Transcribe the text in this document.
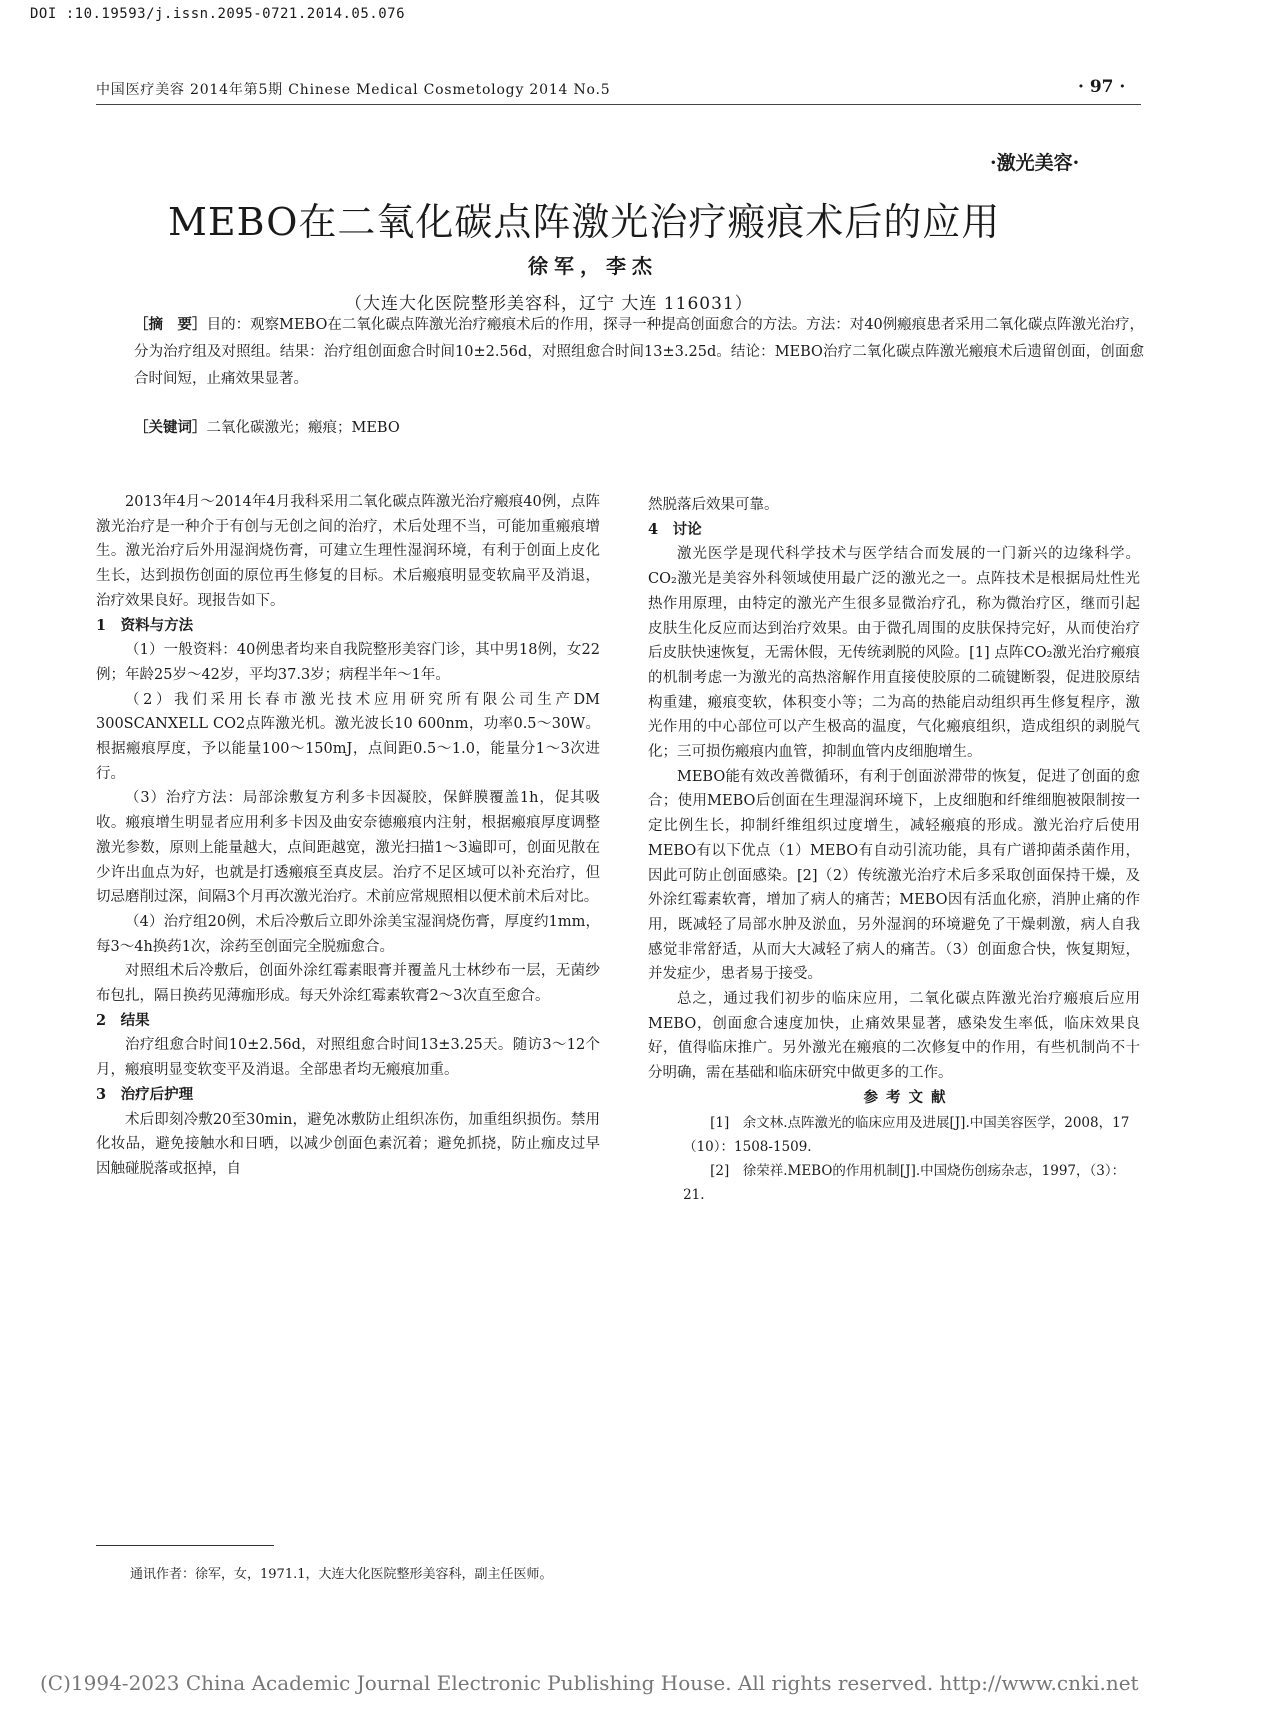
DOI :10.19593/j.issn.2095-0721.2014.05.076
中国医疗美容 2014年第5期 Chinese Medical Cosmetology 2014 No.5	· 97 ·
·激光美容·
MEBO在二氧化碳点阵激光治疗瘢痕术后的应用
徐军，李杰
（大连大化医院整形美容科，辽宁 大连 116031）
［摘　要］目的：观察MEBO在二氧化碳点阵激光治疗瘢痕术后的作用，探寻一种提高创面愈合的方法。方法：对40例瘢痕患者采用二氧化碳点阵激光治疗，分为治疗组及对照组。结果：治疗组创面愈合时间10±2.56d，对照组愈合时间13±3.25d。结论：MEBO治疗二氧化碳点阵激光瘢痕术后遗留创面，创面愈合时间短，止痛效果显著。
［关键词］二氧化碳激光；瘢痕；MEBO

2013年4月～2014年4月我科采用二氧化碳点阵激光治疗瘢痕40例，点阵激光治疗是一种介于有创与无创之间的治疗，术后处理不当，可能加重瘢痕增生。激光治疗后外用湿润烧伤膏，可建立生理性湿润环境，有利于创面上皮化生长，达到损伤创面的原位再生修复的目标。术后瘢痕明显变软扁平及消退，治疗效果良好。现报告如下。

1　资料与方法

（1）一般资料：40例患者均来自我院整形美容门诊，其中男18例，女22例；年龄25岁～42岁，平均37.3岁；病程半年～1年。

（2）我们采用长春市激光技术应用研究所有限公司生产DM 300SCANXELL CO2点阵激光机。激光波长10 600nm，功率0.5～30W。根据瘢痕厚度，予以能量100～150mJ，点间距0.5～1.0，能量分1～3次进行。

（3）治疗方法：局部涂敷复方利多卡因凝胶，保鲜膜覆盖1h，促其吸收。瘢痕增生明显者应用利多卡因及曲安奈德瘢痕内注射，根据瘢痕厚度调整激光参数，原则上能量越大，点间距越宽，激光扫描1～3遍即可，创面见散在少许出血点为好，也就是打透瘢痕至真皮层。治疗不足区域可以补充治疗，但切忌磨削过深，间隔3个月再次激光治疗。术前应常规照相以便术前术后对比。

（4）治疗组20例，术后冷敷后立即外涂美宝湿润烧伤膏，厚度约1mm，每3～4h换药1次，涂药至创面完全脱痂愈合。

对照组术后冷敷后，创面外涂红霉素眼膏并覆盖凡士林纱布一层，无菌纱布包扎，隔日换药见薄痂形成。每天外涂红霉素软膏2～3次直至愈合。

2　结果

治疗组愈合时间10±2.56d，对照组愈合时间13±3.25天。随访3～12个月，瘢痕明显变软变平及消退。全部患者均无瘢痕加重。

3　治疗后护理

术后即刻冷敷20至30min，避免冰敷防止组织冻伤，加重组织损伤。禁用化妆品，避免接触水和日晒，以减少创面色素沉着；避免抓挠，防止痂皮过早因触碰脱落或抠掉，自

然脱落后效果可靠。

4　讨论

激光医学是现代科学技术与医学结合而发展的一门新兴的边缘科学。CO₂激光是美容外科领域使用最广泛的激光之一。点阵技术是根据局灶性光热作用原理，由特定的激光产生很多显微治疗孔，称为微治疗区，继而引起皮肤生化反应而达到治疗效果。由于微孔周围的皮肤保持完好，从而使治疗后皮肤快速恢复，无需休假，无传统剥脱的风险。[1] 点阵CO₂激光治疗瘢痕的机制考虑一为激光的高热溶解作用直接使胶原的二硫键断裂，促进胶原结构重建，瘢痕变软，体积变小等；二为高的热能启动组织再生修复程序，激光作用的中心部位可以产生极高的温度，气化瘢痕组织，造成组织的剥脱气化；三可损伤瘢痕内血管，抑制血管内皮细胞增生。

MEBO能有效改善微循环，有利于创面淤滞带的恢复，促进了创面的愈合；使用MEBO后创面在生理湿润环境下，上皮细胞和纤维细胞被限制按一定比例生长，抑制纤维组织过度增生，减轻瘢痕的形成。激光治疗后使用MEBO有以下优点（1）MEBO有自动引流功能，具有广谱抑菌杀菌作用，因此可防止创面感染。[2]（2）传统激光治疗术后多采取创面保持干燥，及外涂红霉素软膏，增加了病人的痛苦；MEBO因有活血化瘀，消肿止痛的作用，既减轻了局部水肿及淤血，另外湿润的环境避免了干燥刺激，病人自我感觉非常舒适，从而大大减轻了病人的痛苦。（3）创面愈合快，恢复期短，并发症少，患者易于接受。

总之，通过我们初步的临床应用，二氧化碳点阵激光治疗瘢痕后应用MEBO，创面愈合速度加快，止痛效果显著，感染发生率低，临床效果良好，值得临床推广。另外激光在瘢痕的二次修复中的作用，有些机制尚不十分明确，需在基础和临床研究中做更多的工作。

参考文献

[1]　余文林.点阵激光的临床应用及进展[J].中国美容医学，2008，17（10）：1508-1509.

[2]　徐荣祥.MEBO的作用机制[J].中国烧伤创疡杂志，1997，（3）：21.

通讯作者：徐军，女，1971.1，大连大化医院整形美容科，副主任医师。
(C)1994-2023 China Academic Journal Electronic Publishing House. All rights reserved. http://www.cnki.net
